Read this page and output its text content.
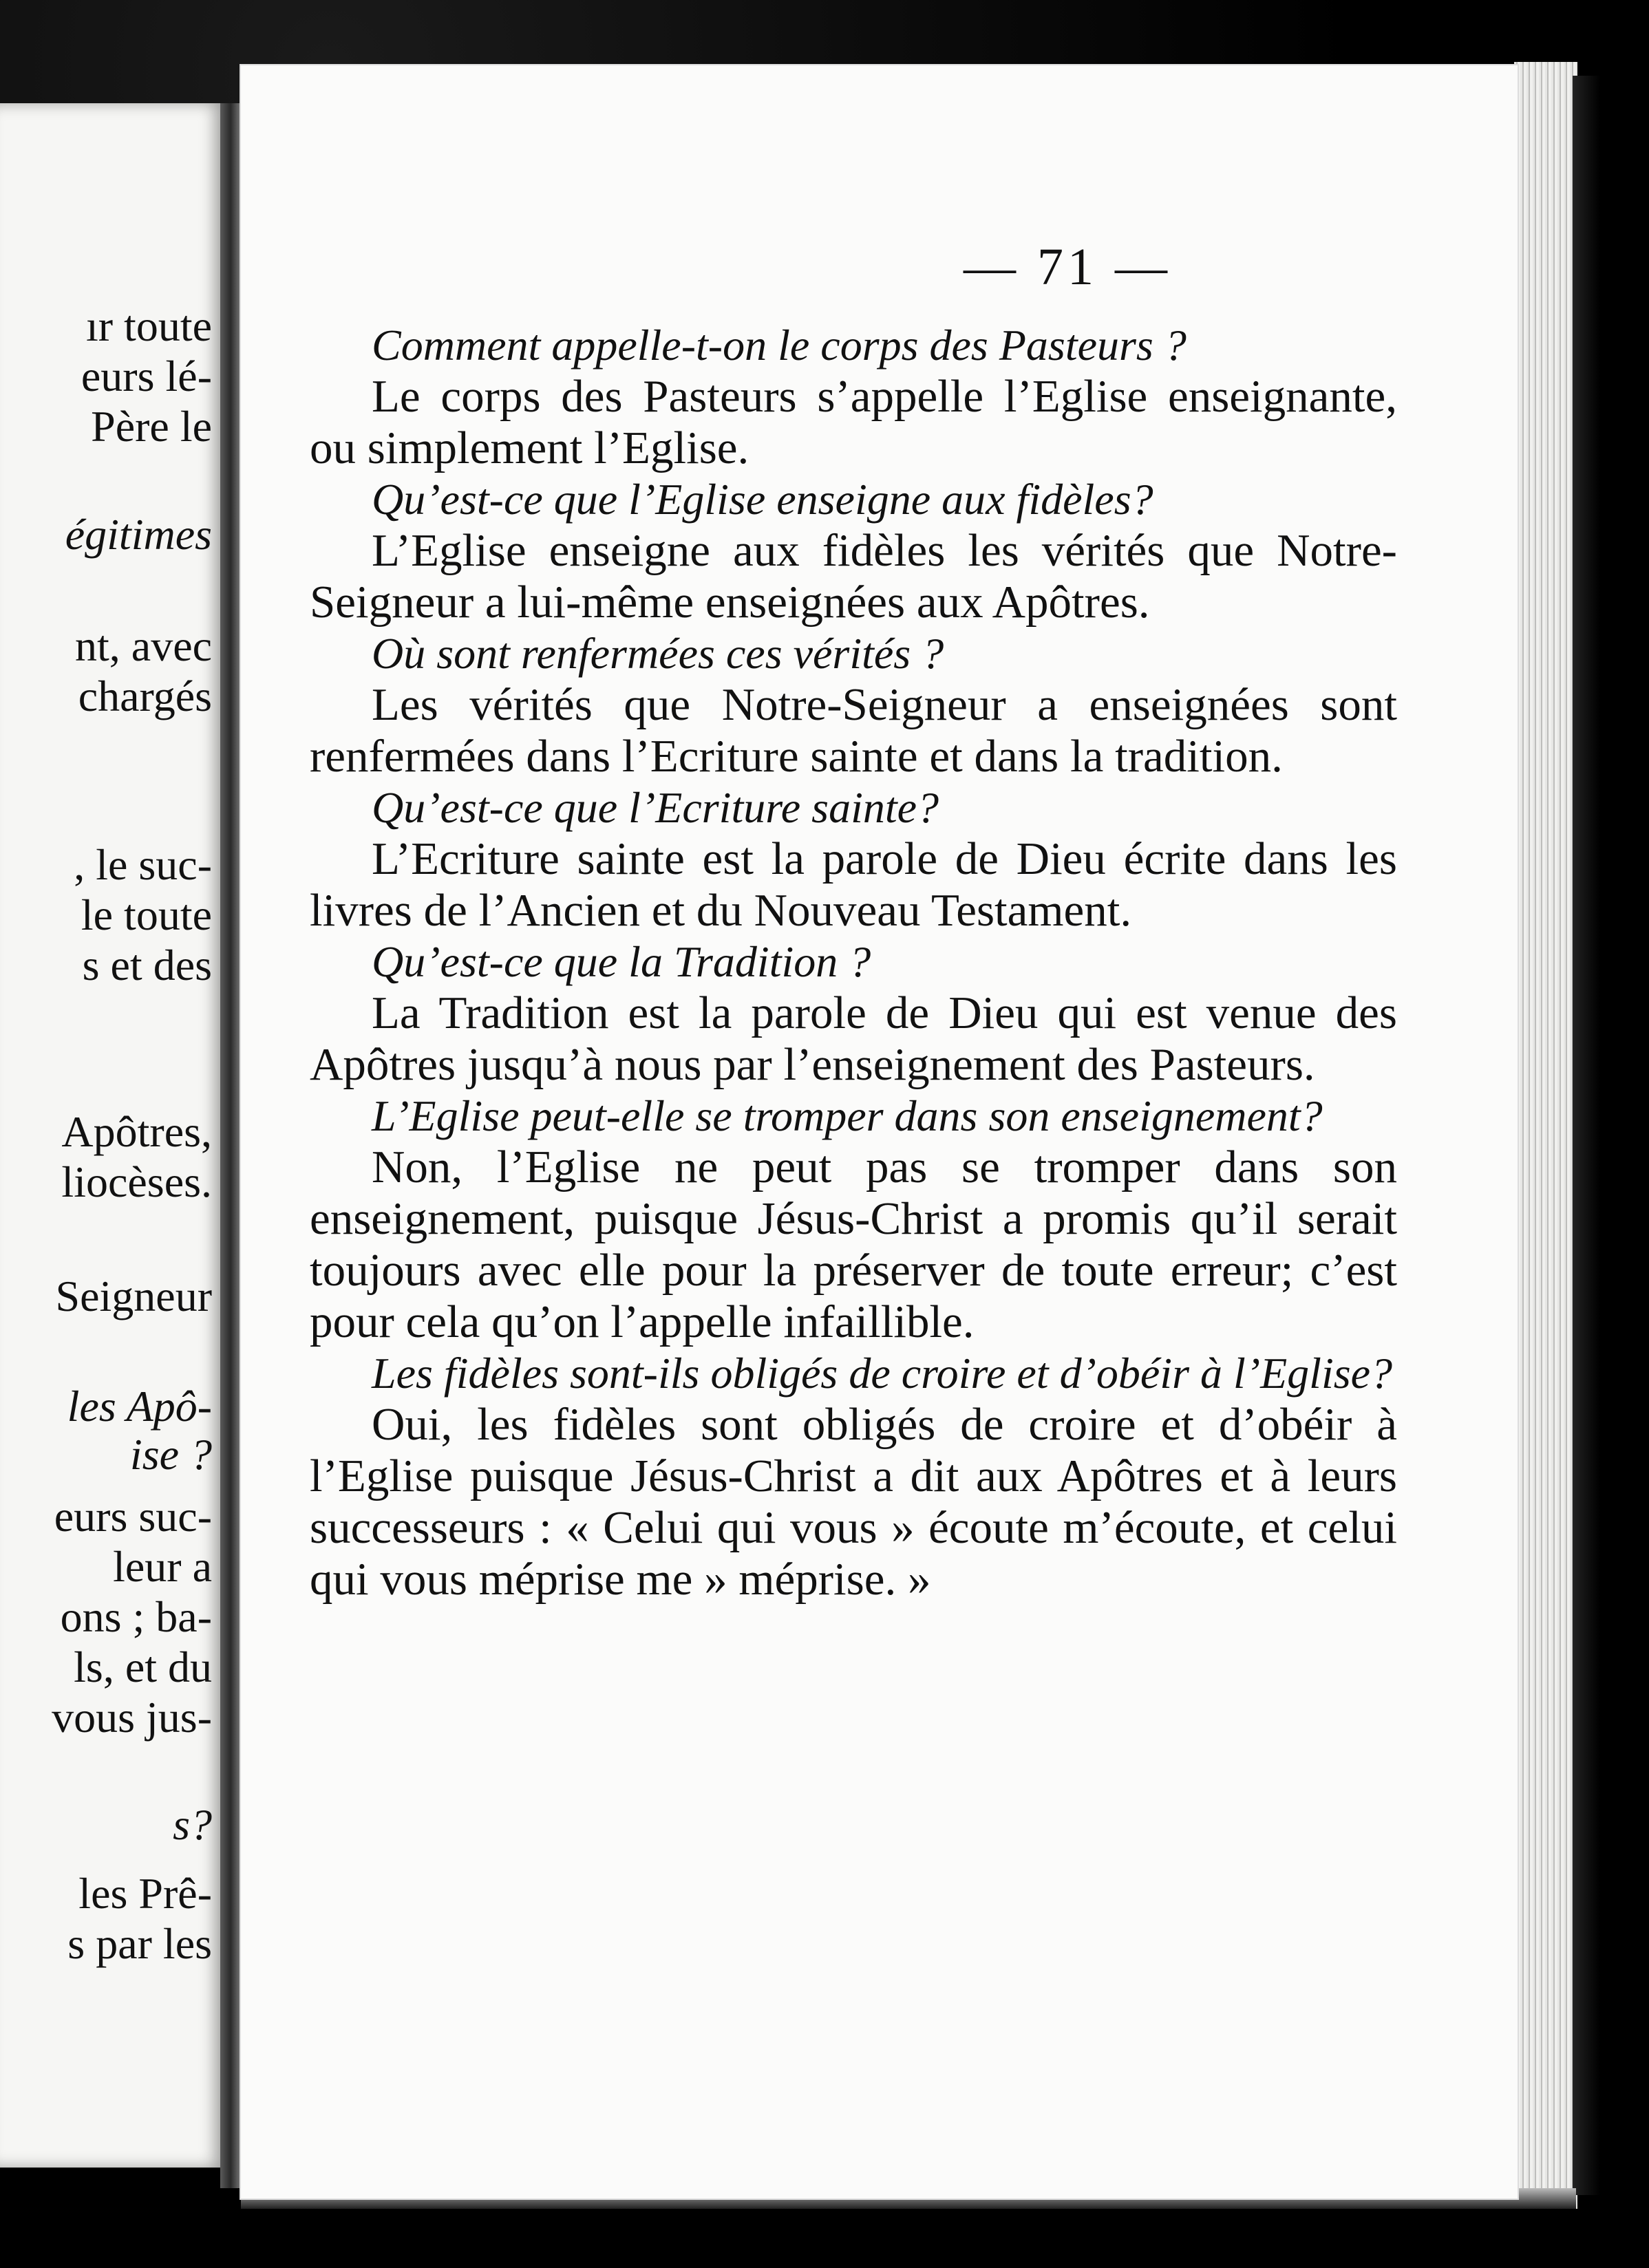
ır toute
eurs lé-
Père le
égitimes
nt, avec
chargés
, le suc-
le toute
s et des
Apôtres,
liocèses.
Seigneur
les Apô-
ise ?
eurs suc-
leur a
ons ; ba-
ls, et du
vous jus-
s?
les Prê-
s par les
— 71 —

Comment appelle-t-on le corps des Pasteurs ?

Le corps des Pasteurs s’appelle l’Eglise enseignante, ou simplement l’Eglise.

Qu’est-ce que l’Eglise enseigne aux fidèles?

L’Eglise enseigne aux fidèles les vérités que Notre-Seigneur a lui-même enseignées aux Apôtres.

Où sont renfermées ces vérités ?

Les vérités que Notre-Seigneur a enseignées sont renfermées dans l’Ecriture sainte et dans la tradition.

Qu’est-ce que l’Ecriture sainte?

L’Ecriture sainte est la parole de Dieu écrite dans les livres de l’Ancien et du Nouveau Testament.

Qu’est-ce que la Tradition ?

La Tradition est la parole de Dieu qui est venue des Apôtres jusqu’à nous par l’enseignement des Pasteurs.

L’Eglise peut-elle se tromper dans son enseignement?

Non, l’Eglise ne peut pas se tromper dans son enseignement, puisque Jésus-Christ a promis qu’il serait toujours avec elle pour la préserver de toute erreur; c’est pour cela qu’on l’appelle infaillible.

Les fidèles sont-ils obligés de croire et d’obéir à l’Eglise?

Oui, les fidèles sont obligés de croire et d’obéir à l’Eglise puisque Jésus-Christ a dit aux Apôtres et à leurs successeurs : « Celui qui vous » écoute m’écoute, et celui qui vous méprise me » méprise. »
